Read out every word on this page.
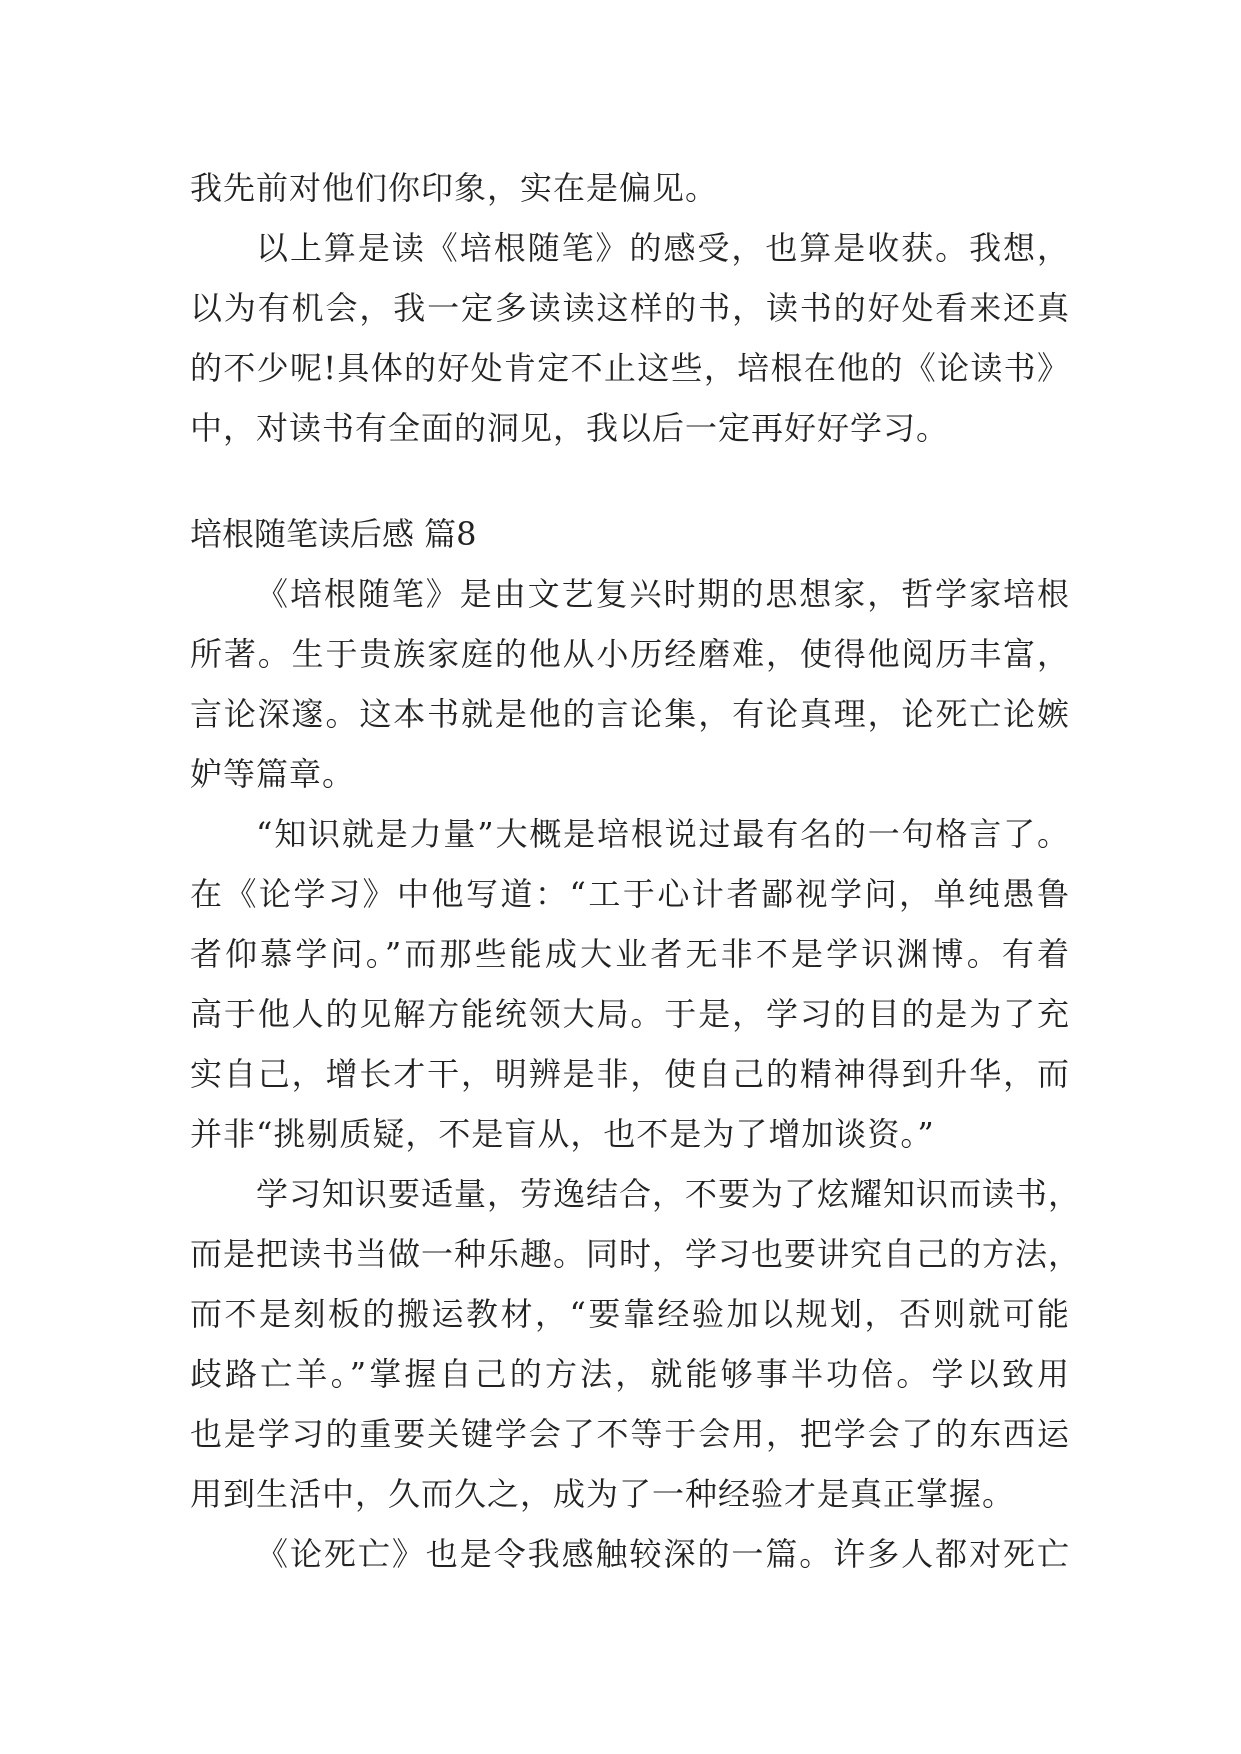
我先前对他们你印象，实在是偏见。
以上算是读《培根随笔》的感受，也算是收获。我想，
以为有机会，我一定多读读这样的书，读书的好处看来还真
的不少呢!具体的好处肯定不止这些，培根在他的《论读书》
中，对读书有全面的洞见，我以后一定再好好学习。
培根随笔读后感 篇8
《培根随笔》是由文艺复兴时期的思想家，哲学家培根
所著。生于贵族家庭的他从小历经磨难，使得他阅历丰富，
言论深邃。这本书就是他的言论集，有论真理，论死亡论嫉
妒等篇章。
“知识就是力量”大概是培根说过最有名的一句格言了。
在《论学习》中他写道：“工于心计者鄙视学问，单纯愚鲁
者仰慕学问。”而那些能成大业者无非不是学识渊博。有着
高于他人的见解方能统领大局。于是，学习的目的是为了充
实自己，增长才干，明辨是非，使自己的精神得到升华，而
并非“挑剔质疑，不是盲从，也不是为了增加谈资。”
学习知识要适量，劳逸结合，不要为了炫耀知识而读书，
而是把读书当做一种乐趣。同时，学习也要讲究自己的方法，
而不是刻板的搬运教材，“要靠经验加以规划，否则就可能
歧路亡羊。”掌握自己的方法，就能够事半功倍。学以致用
也是学习的重要关键学会了不等于会用，把学会了的东西运
用到生活中，久而久之，成为了一种经验才是真正掌握。
《论死亡》也是令我感触较深的一篇。许多人都对死亡
